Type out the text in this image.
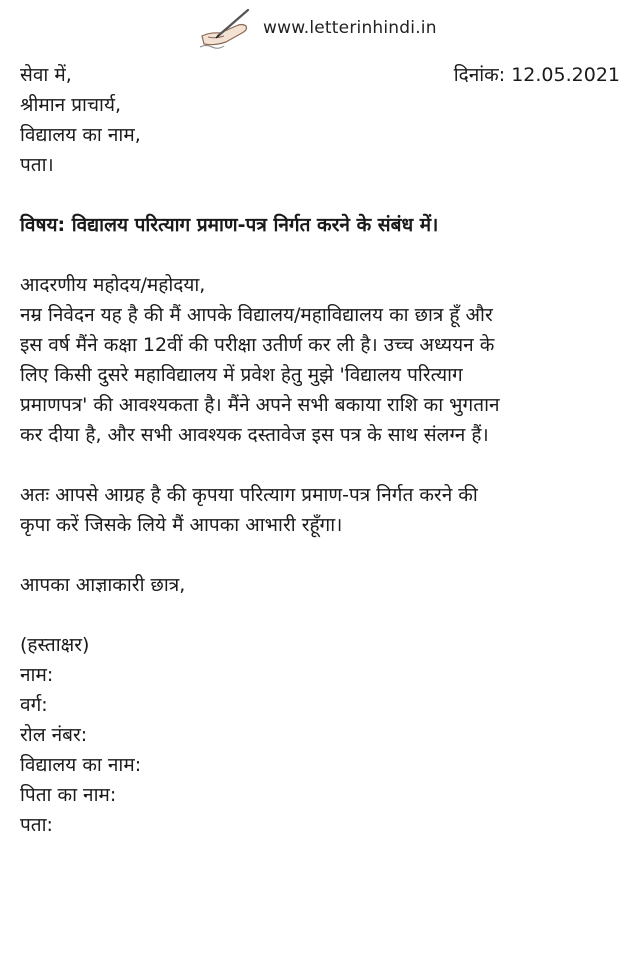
www.letterinhindi.in
सेवा में,	दिनांक: 12.05.2021
श्रीमान प्राचार्य,
विद्यालय का नाम,
पता।
विषय: विद्यालय परित्याग प्रमाण-पत्र निर्गत करने के संबंध में।
आदरणीय महोदय/महोदया,
नम्र निवेदन यह है की मैं आपके विद्यालय/महाविद्यालय का छात्र हूँ और
इस वर्ष मैंने कक्षा 12वीं की परीक्षा उतीर्ण कर ली है। उच्च अध्ययन के
लिए किसी दुसरे महाविद्यालय में प्रवेश हेतु मुझे 'विद्यालय परित्याग
प्रमाणपत्र' की आवश्यकता है। मैंने अपने सभी बकाया राशि का भुगतान
कर दीया है, और सभी आवश्यक दस्तावेज इस पत्र के साथ संलग्न हैं।
अतः आपसे आग्रह है की कृपया परित्याग प्रमाण-पत्र निर्गत करने की
कृपा करें जिसके लिये मैं आपका आभारी रहूँगा।
आपका आज्ञाकारी छात्र,
(हस्ताक्षर)
नाम:
वर्ग:
रोल नंबर:
विद्यालय का नाम:
पिता का नाम:
पता:
